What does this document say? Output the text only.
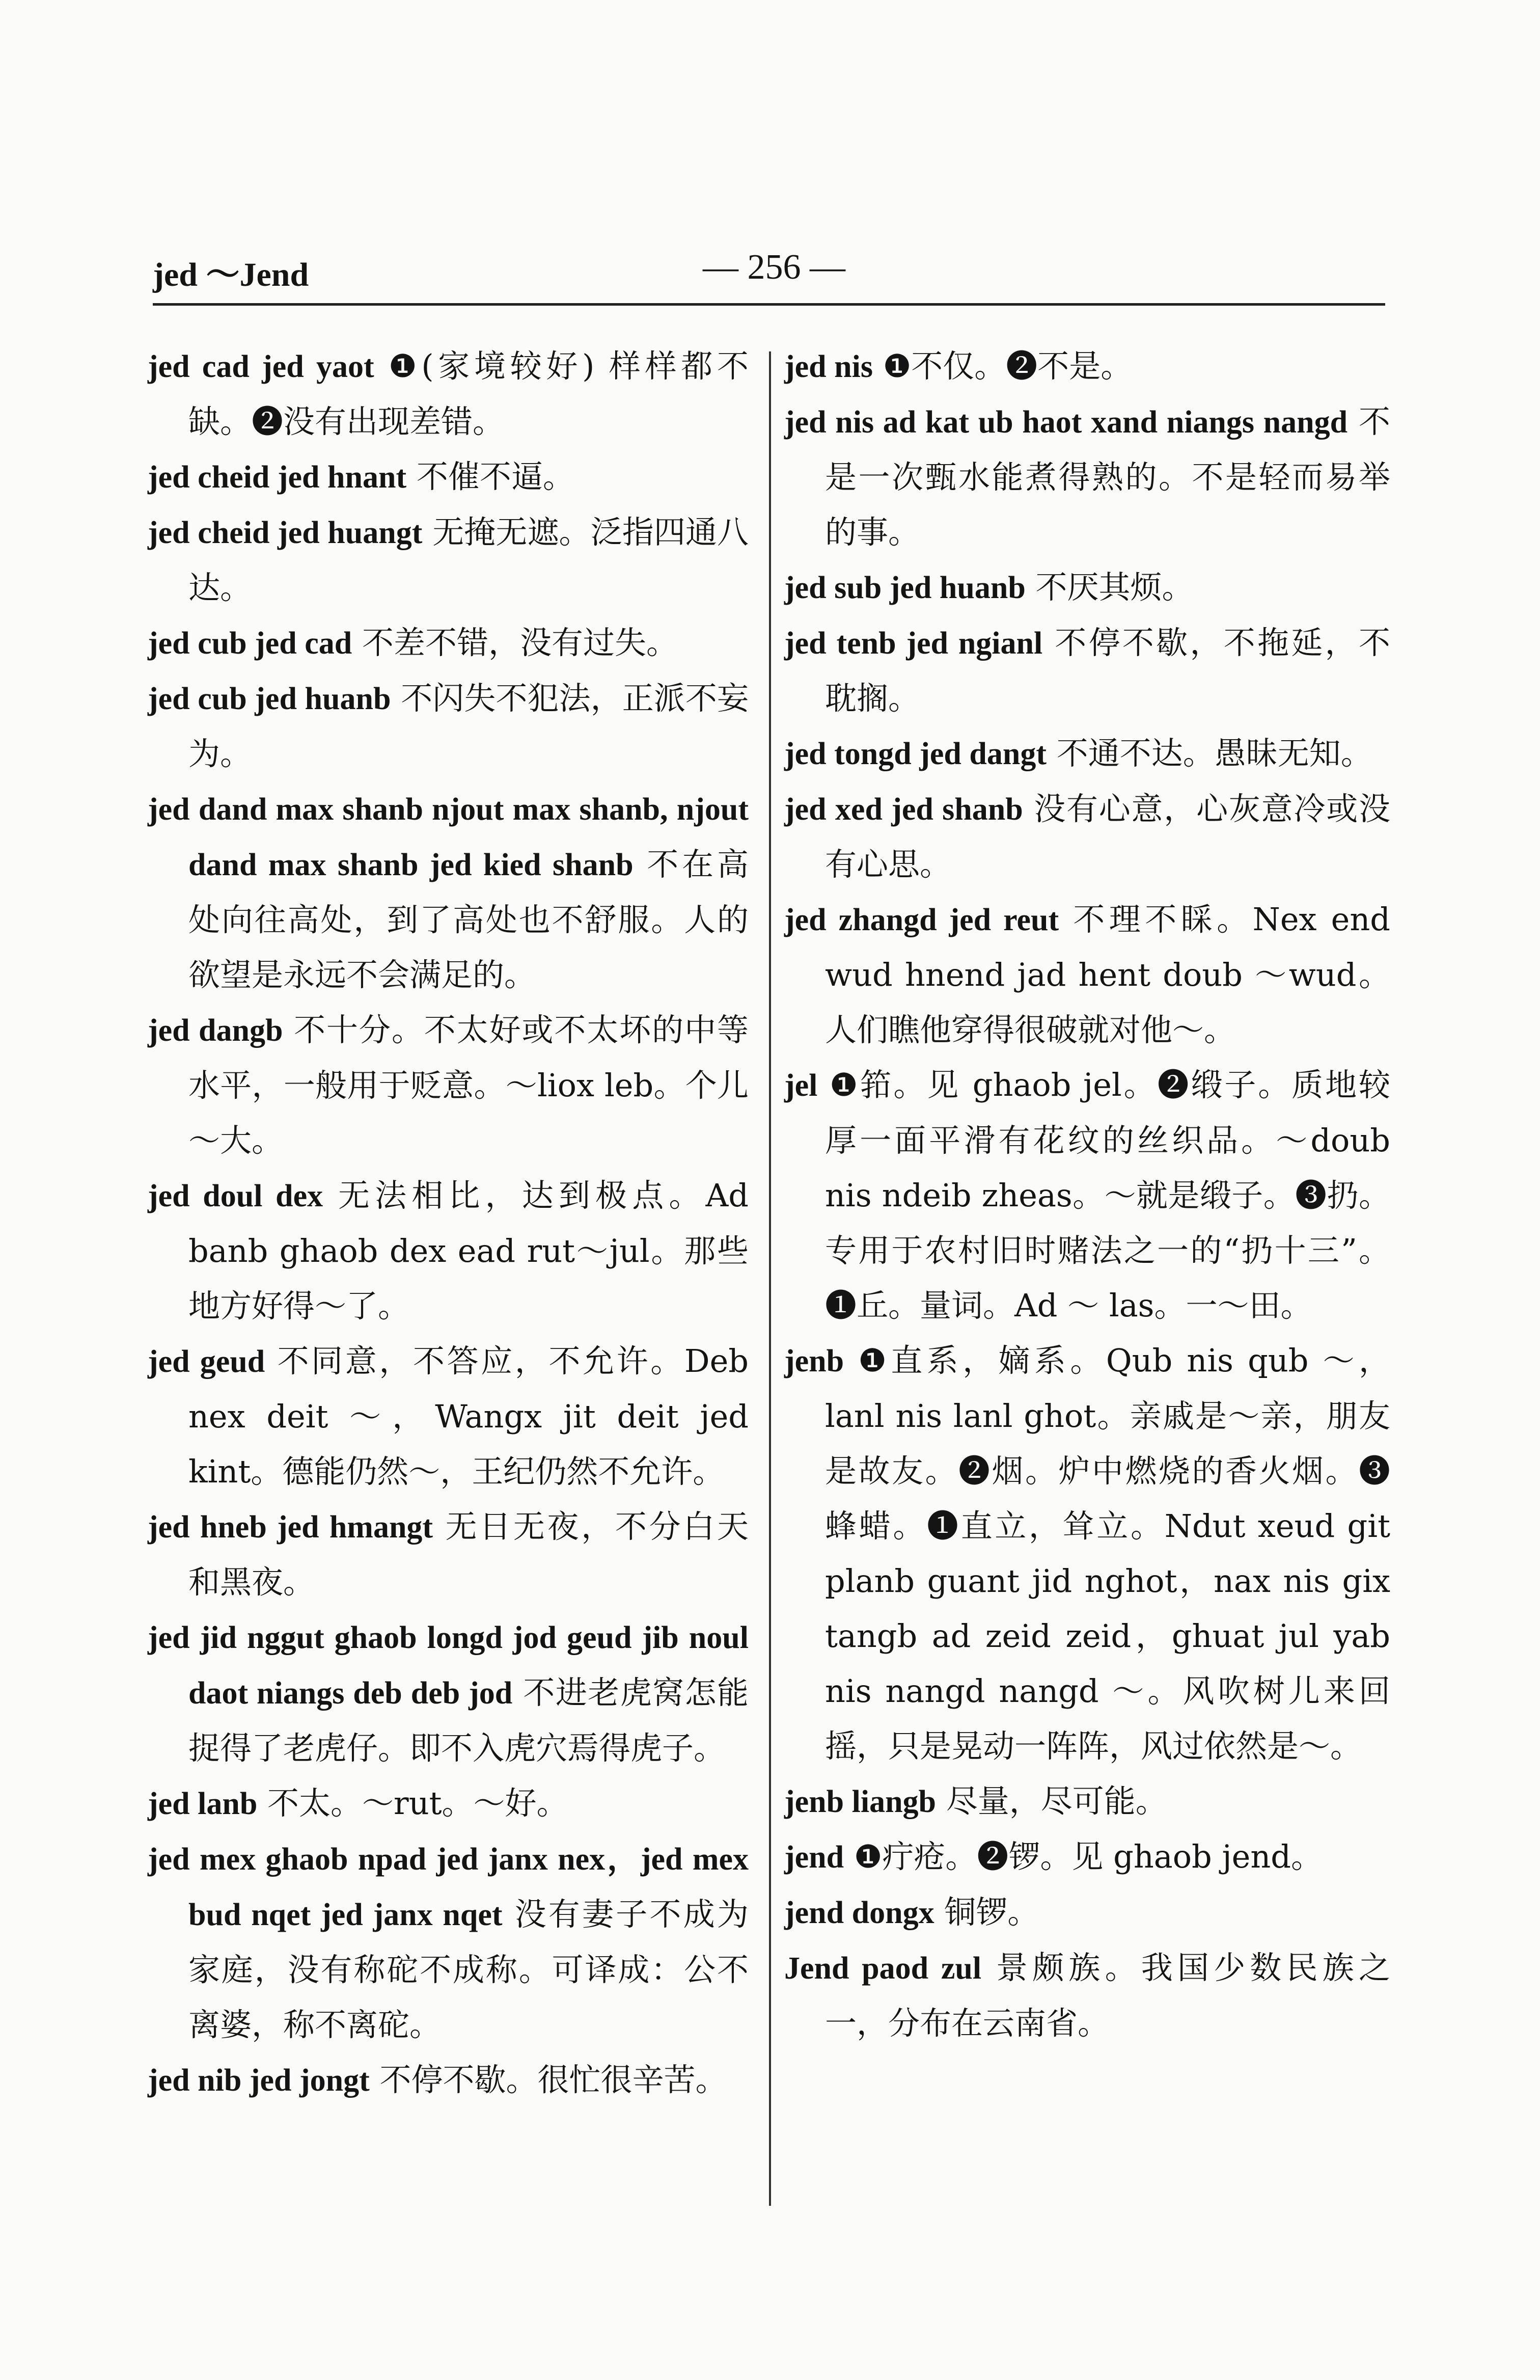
jed ～Jend	— 256 —

jed cad jed yaot ❶(家境较好) 样样都不缺。❷没有出现差错。

jed cheid jed hnant 不催不逼。

jed cheid jed huangt 无掩无遮。泛指四通八达。

jed cub jed cad 不差不错，没有过失。

jed cub jed huanb 不闪失不犯法，正派不妄为。

jed dand max shanb njout max shanb, njout dand max shanb jed kied shanb 不在高处向往高处，到了高处也不舒服。人的欲望是永远不会满足的。

jed dangb 不十分。不太好或不太坏的中等水平，一般用于贬意。～liox leb。个儿～大。

jed doul dex 无法相比，达到极点。Ad banb ghaob dex ead rut～jul。那些地方好得～了。

jed geud 不同意，不答应，不允许。Deb nex deit ～，Wangx jit deit jed kint。德能仍然～，王纪仍然不允许。

jed hneb jed hmangt 无日无夜，不分白天和黑夜。

jed jid nggut ghaob longd jod geud jib noul daot niangs deb deb jod 不进老虎窝怎能捉得了老虎仔。即不入虎穴焉得虎子。

jed lanb 不太。～rut。～好。

jed mex ghaob npad jed janx nex，jed mex bud nqet jed janx nqet 没有妻子不成为家庭，没有称砣不成称。可译成：公不离婆，称不离砣。

jed nib jed jongt 不停不歇。很忙很辛苦。

jed nis ❶不仅。❷不是。

jed nis ad kat ub haot xand niangs nangd 不是一次甄水能煮得熟的。不是轻而易举的事。

jed sub jed huanb 不厌其烦。

jed tenb jed ngianl 不停不歇，不拖延，不耽搁。

jed tongd jed dangt 不通不达。愚昧无知。

jed xed jed shanb 没有心意，心灰意冷或没有心思。

jed zhangd jed reut 不理不睬。Nex end wud hnend jad hent doub ～wud。人们瞧他穿得很破就对他～。

jel ❶筘。见 ghaob jel。❷缎子。质地较厚一面平滑有花纹的丝织品。～doub nis ndeib zheas。～就是缎子。❸扔。专用于农村旧时赌法之一的“扔十三”。❶丘。量词。Ad ～ las。一～田。

jenb ❶直系，嫡系。Qub nis qub ～，lanl nis lanl ghot。亲戚是～亲，朋友是故友。❷烟。炉中燃烧的香火烟。❸蜂蜡。❶直立，耸立。Ndut xeud git planb guant jid nghot，nax nis gix tangb ad zeid zeid，ghuat jul yab nis nangd nangd ～。风吹树儿来回摇，只是晃动一阵阵，风过依然是～。

jenb liangb 尽量，尽可能。

jend ❶疔疮。❷锣。见 ghaob jend。

jend dongx 铜锣。

Jend paod zul 景颇族。我国少数民族之一，分布在云南省。
